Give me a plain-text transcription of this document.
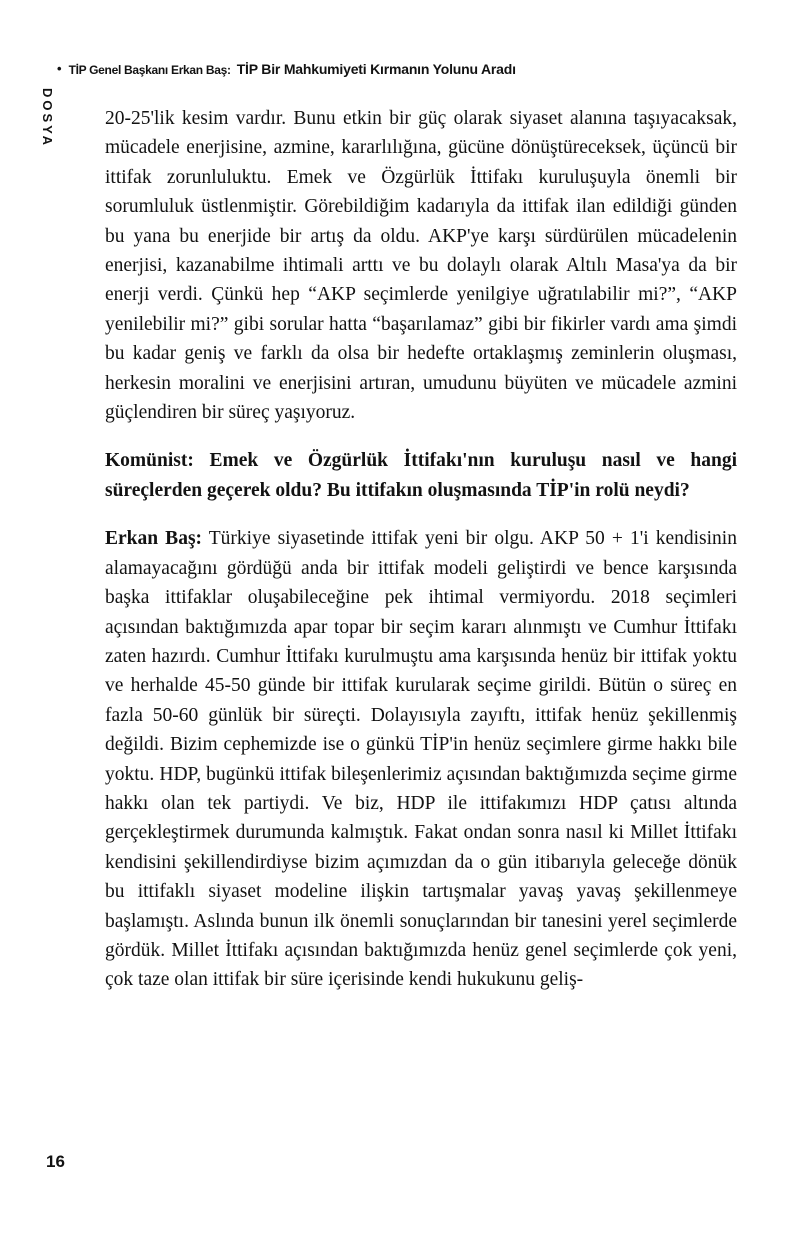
• TİP Genel Başkanı Erkan Baş: TİP Bir Mahkumiyeti Kırmanın Yolunu Aradı
DOSYA	20-25'lik kesim vardır. Bunu etkin bir güç olarak siyaset alanına taşıyacaksak, mücadele enerjisine, azmine, kararlılığına, gücüne dönüştüreceksek, üçüncü bir ittifak zorunluluktu. Emek ve Özgürlük İttifakı kuruluşuyla önemli bir sorumluluk üstlenmiştir. Görebildiğim kadarıyla da ittifak ilan edildiği günden bu yana bu enerjide bir artış da oldu. AKP'ye karşı sürdürülen mücadelenin enerjisi, kazanabilme ihtimali arttı ve bu dolaylı olarak Altılı Masa'ya da bir enerji verdi. Çünkü hep “AKP seçimlerde yenilgiye uğratılabilir mi?”, “AKP yenilebilir mi?” gibi sorular hatta “başarılamaz” gibi bir fikirler vardı ama şimdi bu kadar geniş ve farklı da olsa bir hedefte ortaklaşmış zeminlerin oluşması, herkesin moralini ve enerjisini artıran, umudunu büyüten ve mücadele azmini güçlendiren bir süreç yaşıyoruz.

Komünist: Emek ve Özgürlük İttifakı'nın kuruluşu nasıl ve hangi süreçlerden geçerek oldu? Bu ittifakın oluşmasında TİP'in rolü neydi?

Erkan Baş: Türkiye siyasetinde ittifak yeni bir olgu. AKP 50 + 1'i kendisinin alamayacağını gördüğü anda bir ittifak modeli geliştirdi ve bence karşısında başka ittifaklar oluşabileceğine pek ihtimal vermiyordu. 2018 seçimleri açısından baktığımızda apar topar bir seçim kararı alınmıştı ve Cumhur İttifakı zaten hazırdı. Cumhur İttifakı kurulmuştu ama karşısında henüz bir ittifak yoktu ve herhalde 45-50 günde bir ittifak kurularak seçime girildi. Bütün o süreç en fazla 50-60 günlük bir süreçti. Dolayısıyla zayıftı, ittifak henüz şekillenmiş değildi. Bizim cephemizde ise o günkü TİP'in henüz seçimlere girme hakkı bile yoktu. HDP, bugünkü ittifak bileşenlerimiz açısından baktığımızda seçime girme hakkı olan tek partiydi. Ve biz, HDP ile ittifakımızı HDP çatısı altında gerçekleştirmek durumunda kalmıştık. Fakat ondan sonra nasıl ki Millet İttifakı kendisini şekillendirdiyse bizim açımızdan da o gün itibarıyla geleceğe dönük bu ittifaklı siyaset modeline ilişkin tartışmalar yavaş yavaş şekillenmeye başlamıştı. Aslında bunun ilk önemli sonuçlarından bir tanesini yerel seçimlerde gördük. Millet İttifakı açısından baktığımızda henüz genel seçimlerde çok yeni, çok taze olan ittifak bir süre içerisinde kendi hukukunu geliş-

16
